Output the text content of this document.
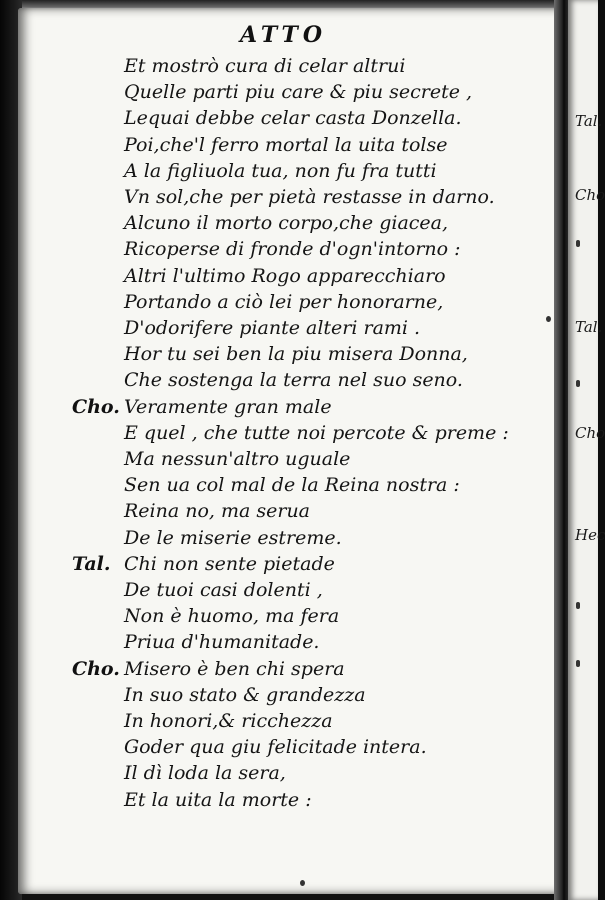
ATTO
Et mostrò cura di celar altrui
Quelle parti piu care & piu secrete ,
Lequai debbe celar casta Donzella.
Poi,che'l ferro mortal la uita tolse
A la figliuola tua, non fu fra tutti
Vn sol,che per pietà restasse in darno.
Alcuno il morto corpo,che giacea,
Ricoperse di fronde d'ogn'intorno :
Altri l'ultimo Rogo apparecchiaro
Portando a ciò lei per honorarne,
D'odorifere piante alteri rami .
Hor tu sei ben la piu misera Donna,
Che sostenga la terra nel suo seno.
Cho. Veramente gran male
E quel , che tutte noi percote & preme :
Ma nessun'altro uguale
Sen ua col mal de la Reina nostra :
Reina no, ma serua
De le miserie estreme.
Tal. Chi non sente pietade
De tuoi casi dolenti ,
Non è huomo, ma fera
Priua d'humanitade.
Cho. Misero è ben chi spera
In suo stato & grandezza
In honori,& ricchezza
Goder qua giu felicitade intera.
Il dì loda la sera,
Et la uita la morte :
Tal.
Cho
Tal.
Cho
Hec
